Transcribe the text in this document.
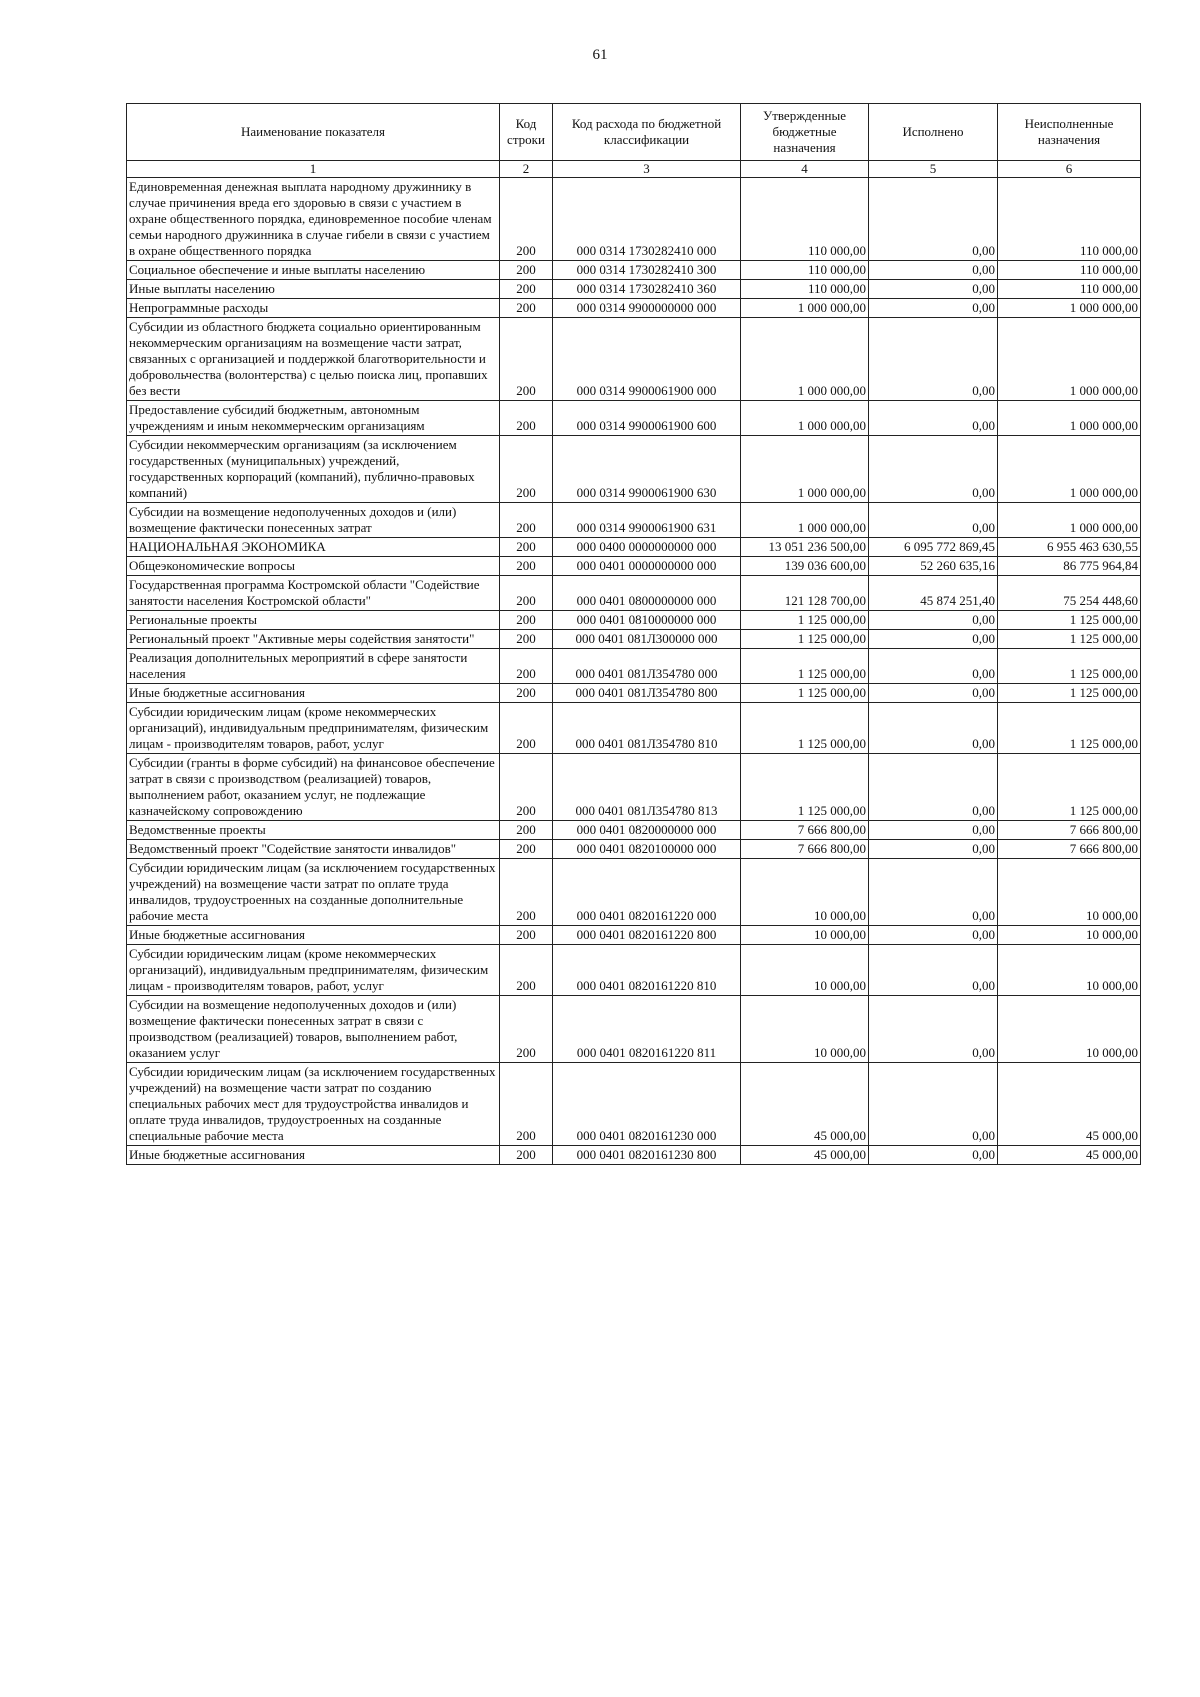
61
Наименование показателя	Код строки	Код расхода по бюджетной классификации	Утвержденные бюджетные назначения	Исполнено	Неисполненные назначения
1	2	3	4	5	6
Единовременная денежная выплата народному дружиннику в случае причинения вреда его здоровью в связи с участием в охране общественного порядка, единовременное пособие членам семьи народного дружинника в случае гибели в связи с участием в охране общественного порядка	200	000 0314 1730282410 000	110 000,00	0,00	110 000,00
Социальное обеспечение и иные выплаты населению	200	000 0314 1730282410 300	110 000,00	0,00	110 000,00
Иные выплаты населению	200	000 0314 1730282410 360	110 000,00	0,00	110 000,00
Непрограммные расходы	200	000 0314 9900000000 000	1 000 000,00	0,00	1 000 000,00
Субсидии из областного бюджета социально ориентированным некоммерческим организациям на возмещение части затрат, связанных с организацией и поддержкой благотворительности и добровольчества (волонтерства) с целью поиска лиц, пропавших без вести	200	000 0314 9900061900 000	1 000 000,00	0,00	1 000 000,00
Предоставление субсидий бюджетным, автономным учреждениям и иным некоммерческим организациям	200	000 0314 9900061900 600	1 000 000,00	0,00	1 000 000,00
Субсидии некоммерческим организациям (за исключением государственных (муниципальных) учреждений, государственных корпораций (компаний), публично-правовых компаний)	200	000 0314 9900061900 630	1 000 000,00	0,00	1 000 000,00
Субсидии на возмещение недополученных доходов и (или) возмещение фактически понесенных затрат	200	000 0314 9900061900 631	1 000 000,00	0,00	1 000 000,00
НАЦИОНАЛЬНАЯ ЭКОНОМИКА	200	000 0400 0000000000 000	13 051 236 500,00	6 095 772 869,45	6 955 463 630,55
Общеэкономические вопросы	200	000 0401 0000000000 000	139 036 600,00	52 260 635,16	86 775 964,84
Государственная программа Костромской области "Содействие занятости населения Костромской области"	200	000 0401 0800000000 000	121 128 700,00	45 874 251,40	75 254 448,60
Региональные проекты	200	000 0401 0810000000 000	1 125 000,00	0,00	1 125 000,00
Региональный проект "Активные меры содействия занятости"	200	000 0401 081Л300000 000	1 125 000,00	0,00	1 125 000,00
Реализация дополнительных мероприятий в сфере занятости населения	200	000 0401 081Л354780 000	1 125 000,00	0,00	1 125 000,00
Иные бюджетные ассигнования	200	000 0401 081Л354780 800	1 125 000,00	0,00	1 125 000,00
Субсидии юридическим лицам (кроме некоммерческих организаций), индивидуальным предпринимателям, физическим лицам - производителям товаров, работ, услуг	200	000 0401 081Л354780 810	1 125 000,00	0,00	1 125 000,00
Субсидии (гранты в форме субсидий) на финансовое обеспечение затрат в связи с производством (реализацией) товаров, выполнением работ, оказанием услуг, не подлежащие казначейскому сопровождению	200	000 0401 081Л354780 813	1 125 000,00	0,00	1 125 000,00
Ведомственные проекты	200	000 0401 0820000000 000	7 666 800,00	0,00	7 666 800,00
Ведомственный проект "Содействие занятости инвалидов"	200	000 0401 0820100000 000	7 666 800,00	0,00	7 666 800,00
Субсидии юридическим лицам (за исключением государственных учреждений) на возмещение части затрат по оплате труда инвалидов, трудоустроенных на созданные дополнительные рабочие места	200	000 0401 0820161220 000	10 000,00	0,00	10 000,00
Иные бюджетные ассигнования	200	000 0401 0820161220 800	10 000,00	0,00	10 000,00
Субсидии юридическим лицам (кроме некоммерческих организаций), индивидуальным предпринимателям, физическим лицам - производителям товаров, работ, услуг	200	000 0401 0820161220 810	10 000,00	0,00	10 000,00
Субсидии на возмещение недополученных доходов и (или) возмещение фактически понесенных затрат в связи с производством (реализацией) товаров, выполнением работ, оказанием услуг	200	000 0401 0820161220 811	10 000,00	0,00	10 000,00
Субсидии юридическим лицам (за исключением государственных учреждений) на возмещение части затрат по созданию специальных рабочих мест для трудоустройства инвалидов и оплате труда инвалидов, трудоустроенных на созданные специальные рабочие места	200	000 0401 0820161230 000	45 000,00	0,00	45 000,00
Иные бюджетные ассигнования	200	000 0401 0820161230 800	45 000,00	0,00	45 000,00
